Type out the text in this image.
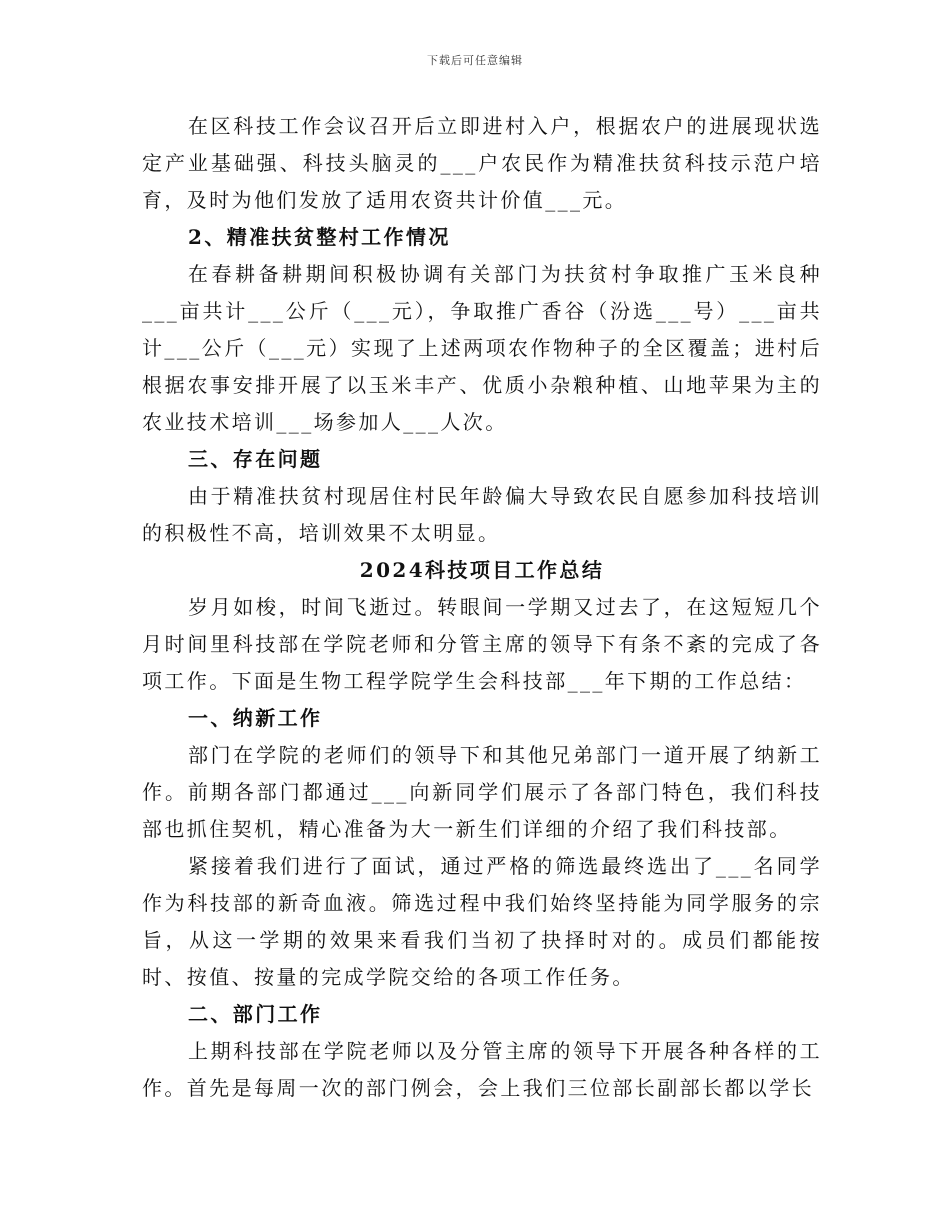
下载后可任意编辑

在区科技工作会议召开后立即进村入户，根据农户的进展现状选定产业基础强、科技头脑灵的___户农民作为精准扶贫科技示范户培育，及时为他们发放了适用农资共计价值___元。

2、精准扶贫整村工作情况

在春耕备耕期间积极协调有关部门为扶贫村争取推广玉米良种___亩共计___公斤（___元），争取推广香谷（汾选___号）___亩共计___公斤（___元）实现了上述两项农作物种子的全区覆盖；进村后根据农事安排开展了以玉米丰产、优质小杂粮种植、山地苹果为主的农业技术培训___场参加人___人次。

三、存在问题

由于精准扶贫村现居住村民年龄偏大导致农民自愿参加科技培训的积极性不高，培训效果不太明显。

2024科技项目工作总结

岁月如梭，时间飞逝过。转眼间一学期又过去了，在这短短几个月时间里科技部在学院老师和分管主席的领导下有条不紊的完成了各项工作。下面是生物工程学院学生会科技部___年下期的工作总结：

一、纳新工作

部门在学院的老师们的领导下和其他兄弟部门一道开展了纳新工作。前期各部门都通过___向新同学们展示了各部门特色，我们科技部也抓住契机，精心准备为大一新生们详细的介绍了我们科技部。

紧接着我们进行了面试，通过严格的筛选最终选出了___名同学作为科技部的新奇血液。筛选过程中我们始终坚持能为同学服务的宗旨，从这一学期的效果来看我们当初了抉择时对的。成员们都能按时、按值、按量的完成学院交给的各项工作任务。

二、部门工作

上期科技部在学院老师以及分管主席的领导下开展各种各样的工作。首先是每周一次的部门例会，会上我们三位部长副部长都以学长
